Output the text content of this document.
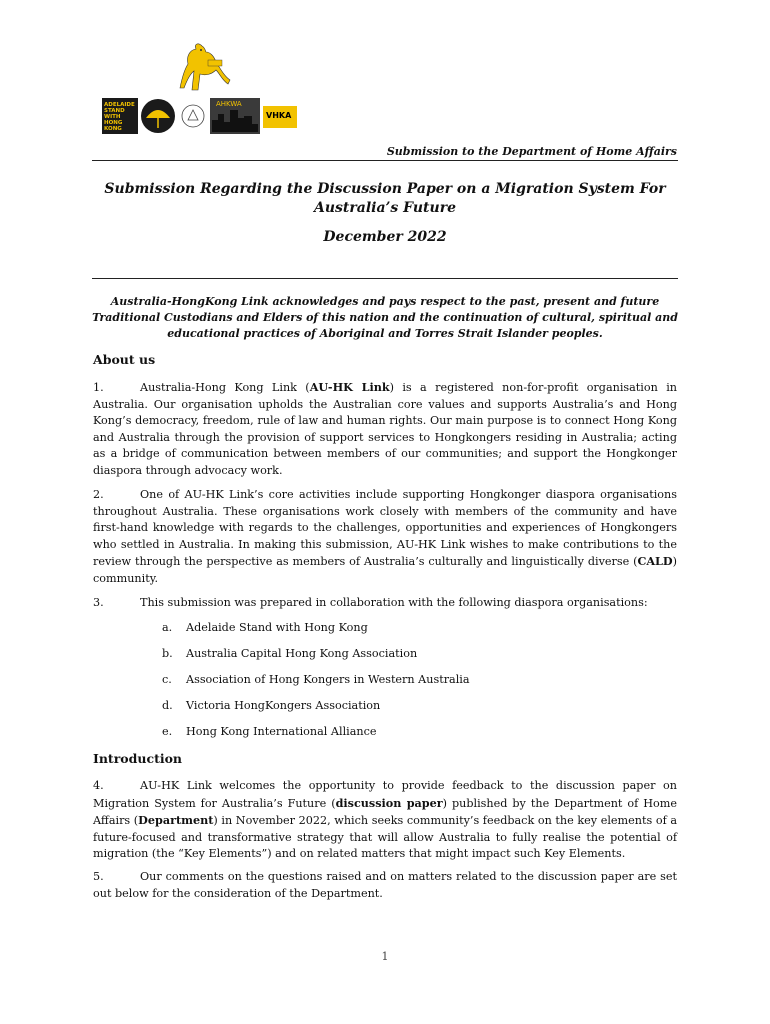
ADELAIDE
STAND
WITH
HONG
KONG
AHKWA
VHKA
Submission to the Department of Home Affairs
Submission Regarding the Discussion Paper on a Migration System For Australia’s Future
December 2022
Australia-HongKong Link acknowledges and pays respect to the past, present and future Traditional Custodians and Elders of this nation and the continuation of cultural, spiritual and educational practices of Aboriginal and Torres Strait Islander peoples.
About us
1.	Australia-Hong Kong Link (AU-HK Link) is a registered non-for-profit organisation in Australia. Our organisation upholds the Australian core values and supports Australia’s and Hong Kong’s democracy, freedom, rule of law and human rights. Our main purpose is to connect Hong Kong and Australia through the provision of support services to Hongkongers residing in Australia; acting as a bridge of communication between members of our communities; and support the Hongkonger diaspora through advocacy work.
2.	One of AU-HK Link’s core activities include supporting Hongkonger diaspora organisations throughout Australia. These organisations work closely with members of the community and have first-hand knowledge with regards to the challenges, opportunities and experiences of Hongkongers who settled in Australia. In making this submission, AU-HK Link wishes to make contributions to the review through the perspective as members of Australia’s culturally and linguistically diverse (CALD) community.
3.	This submission was prepared in collaboration with the following diaspora organisations:
a. Adelaide Stand with Hong Kong
b. Australia Capital Hong Kong Association
c. Association of Hong Kongers in Western Australia
d. Victoria HongKongers Association
e. Hong Kong International Alliance
Introduction
4.	AU-HK Link welcomes the opportunity to provide feedback to the discussion paper on Migration System for Australia’s Future (discussion paper) published by the Department of Home Affairs (Department) in November 2022, which seeks community’s feedback on the key elements of a future-focused and transformative strategy that will allow Australia to fully realise the potential of migration (the “Key Elements”) and on related matters that might impact such Key Elements.
5.	Our comments on the questions raised and on matters related to the discussion paper are set out below for the consideration of the Department.
1
